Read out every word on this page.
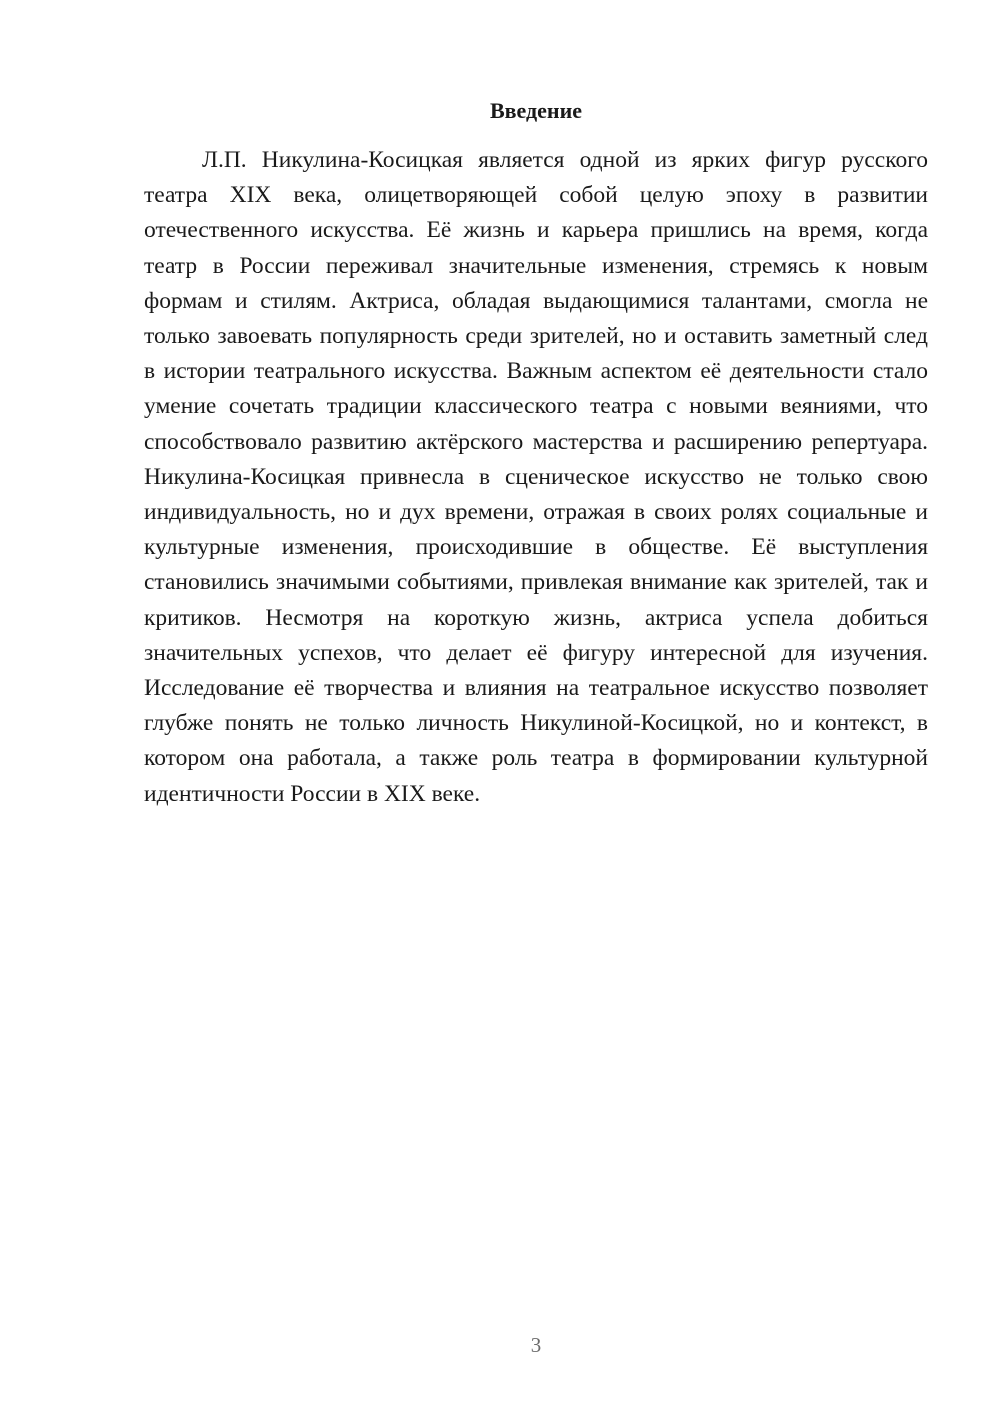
Введение

Л.П. Никулина-Косицкая является одной из ярких фигур русского театра XIX века, олицетворяющей собой целую эпоху в развитии отечественного искусства. Её жизнь и карьера пришлись на время, когда театр в России переживал значительные изменения, стремясь к новым формам и стилям. Актриса, обладая выдающимися талантами, смогла не только завоевать популярность среди зрителей, но и оставить заметный след в истории театрального искусства. Важным аспектом её деятельности стало умение сочетать традиции классического театра с новыми веяниями, что способствовало развитию актёрского мастерства и расширению репертуара. Никулина-Косицкая привнесла в сценическое искусство не только свою индивидуальность, но и дух времени, отражая в своих ролях социальные и культурные изменения, происходившие в обществе. Её выступления становились значимыми событиями, привлекая внимание как зрителей, так и критиков. Несмотря на короткую жизнь, актриса успела добиться значительных успехов, что делает её фигуру интересной для изучения. Исследование её творчества и влияния на театральное искусство позволяет глубже понять не только личность Никулиной-Косицкой, но и контекст, в котором она работала, а также роль театра в формировании культурной идентичности России в XIX веке.

3
